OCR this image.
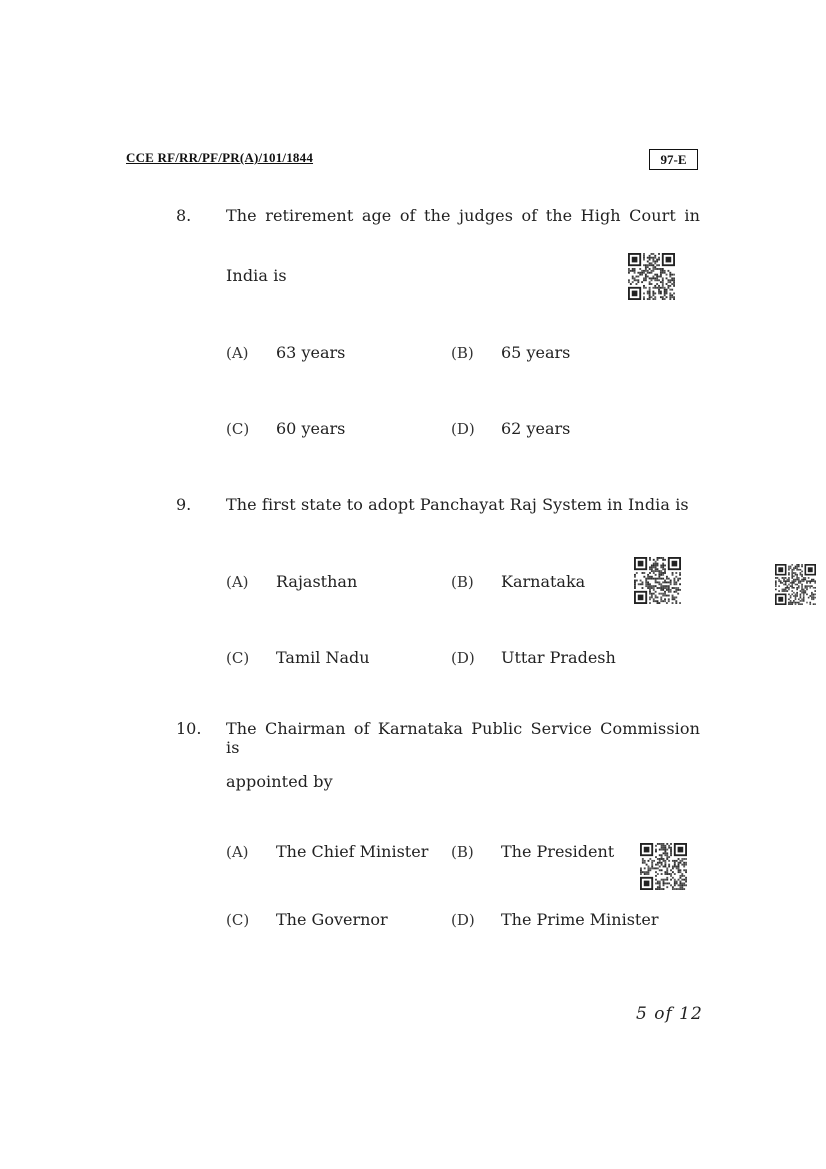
CCE RF/RR/PF/PR(A)/101/1844	97-E
8. The retirement age of the judges of the High Court in
India is
(A) 63 years	(B) 65 years
(C) 60 years	(D) 62 years
9. The first state to adopt Panchayat Raj System in India is
(A) Rajasthan	(B) Karnataka
(C) Tamil Nadu	(D) Uttar Pradesh
10. The Chairman of Karnataka Public Service Commission is
appointed by
(A) The Chief Minister (B) The President
(C) The Governor	(D) The Prime Minister
5 of 12
